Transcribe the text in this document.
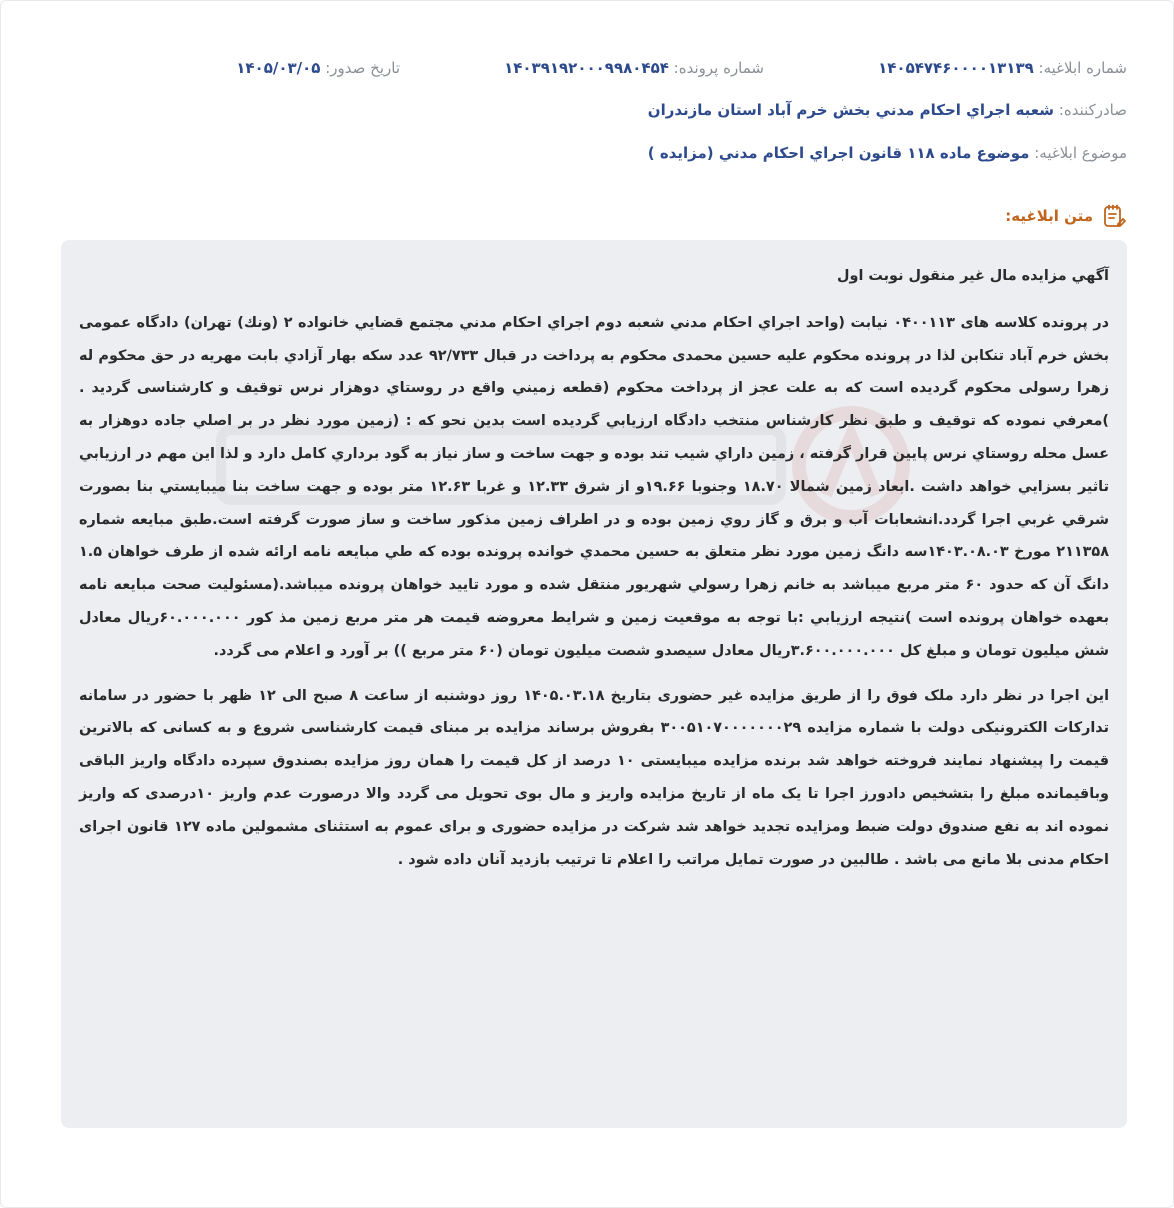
شماره ابلاغیه: ۱۴۰۵۴۷۴۶۰۰۰۰۱۳۱۳۹
شماره پرونده: ۱۴۰۳۹۱۹۲۰۰۰۹۹۸۰۴۵۴
تاریخ صدور: ۱۴۰۵/۰۳/۰۵
صادرکننده: شعبه اجراي احكام مدني بخش خرم آباد استان مازندران
موضوع ابلاغیه: موضوع ماده ۱۱۸ قانون اجراي احكام مدني (مزايده )
متن ابلاغیه:

آگهي مزايده مال غير منقول نوبت اول

در پرونده كلاسه های ۰۴۰۰۱۱۳ نيابت (واحد اجراي احكام مدني شعبه دوم اجراي احكام مدني مجتمع قضايي خانواده ۲ (ونك) تهران) دادگاه عمومی بخش خرم آباد تنكابن لذا در پرونده محكوم عليه حسين محمدی محكوم به پرداخت در قبال ۹۲/۷۳۳ عدد سكه بهار آزادي بابت مهريه در حق محكوم له زهرا رسولی محكوم گرديده است كه به علت عجز از پرداخت محكوم (قطعه زميني واقع در روستاي دوهزار نرس توقيف و كارشناسی گرديد . )معرفي نموده كه توقيف و طبق نظر كارشناس منتخب دادگاه ارزيابي گرديده است بدين نحو كه : (زمين مورد نظر در بر اصلي جاده دوهزار به عسل محله روستاي نرس پايين قرار گرفته ، زمين داراي شيب تند بوده و جهت ساخت و ساز نياز به گود برداري كامل دارد و لذا اين مهم در ارزيابي تاثير بسزايي خواهد داشت .ابعاد زمين شمالا ۱۸.۷۰ وجنوبا ۱۹.۶۶و از شرق ۱۲.۳۳ و غربا ۱۲.۶۳ متر بوده و جهت ساخت بنا ميبايستي بنا بصورت شرقي غربي اجرا گردد.انشعابات آب و برق و گاز روي زمين بوده و در اطراف زمين مذكور ساخت و ساز صورت گرفته است.طبق مبايعه شماره ۲۱۱۳۵۸ مورخ ۱۴۰۳.۰۸.۰۳سه دانگ زمين مورد نظر متعلق به حسين محمدي خوانده پرونده بوده كه طي مبايعه نامه ارائه شده از طرف خواهان ۱.۵ دانگ آن كه حدود ۶۰ متر مربع ميباشد به خانم زهرا رسولي شهريور منتقل شده و مورد تاييد خواهان پرونده ميباشد.(مسئوليت صحت مبايعه نامه بعهده خواهان پرونده است )نتيجه ارزيابي :با توجه به موقعيت زمين و شرايط معروضه قيمت هر متر مربع زمين مذ كور ۶۰.۰۰۰.۰۰۰ريال معادل شش ميليون تومان و مبلغ كل ۳.۶۰۰.۰۰۰.۰۰۰ريال معادل سيصدو شصت ميليون تومان (۶۰ متر مربع )) بر آورد و اعلام می گردد.

اين اجرا در نظر دارد ملک فوق را از طريق مزايده غير حضوری بتاريخ ۱۴۰۵.۰۳.۱۸ روز دوشنبه از ساعت ۸ صبح الی ۱۲ ظهر با حضور در سامانه تداركات الكترونيكی دولت با شماره مزايده ۳۰۰۵۱۰۷۰۰۰۰۰۰۰۲۹ بفروش برساند مزايده بر مبنای قيمت كارشناسی شروع و به كسانی كه بالاترين قيمت را پيشنهاد نمايند فروخته خواهد شد برنده مزايده ميبايستی ۱۰ درصد از كل قيمت را همان روز مزايده بصندوق سپرده دادگاه واريز الباقی وباقيمانده مبلغ را بتشخيص دادورز اجرا تا يک ماه از تاريخ مزايده واريز و مال بوی تحويل می گردد والا درصورت عدم واريز ۱۰درصدی كه واريز نموده اند به نفع صندوق دولت ضبط ومزايده تجديد خواهد شد شركت در مزايده حضوری و برای عموم به استثنای مشمولين ماده ۱۲۷ قانون اجرای احكام مدنی بلا مانع می باشد . طالبين در صورت تمايل مراتب را اعلام تا ترتيب بازديد آنان داده شود .
